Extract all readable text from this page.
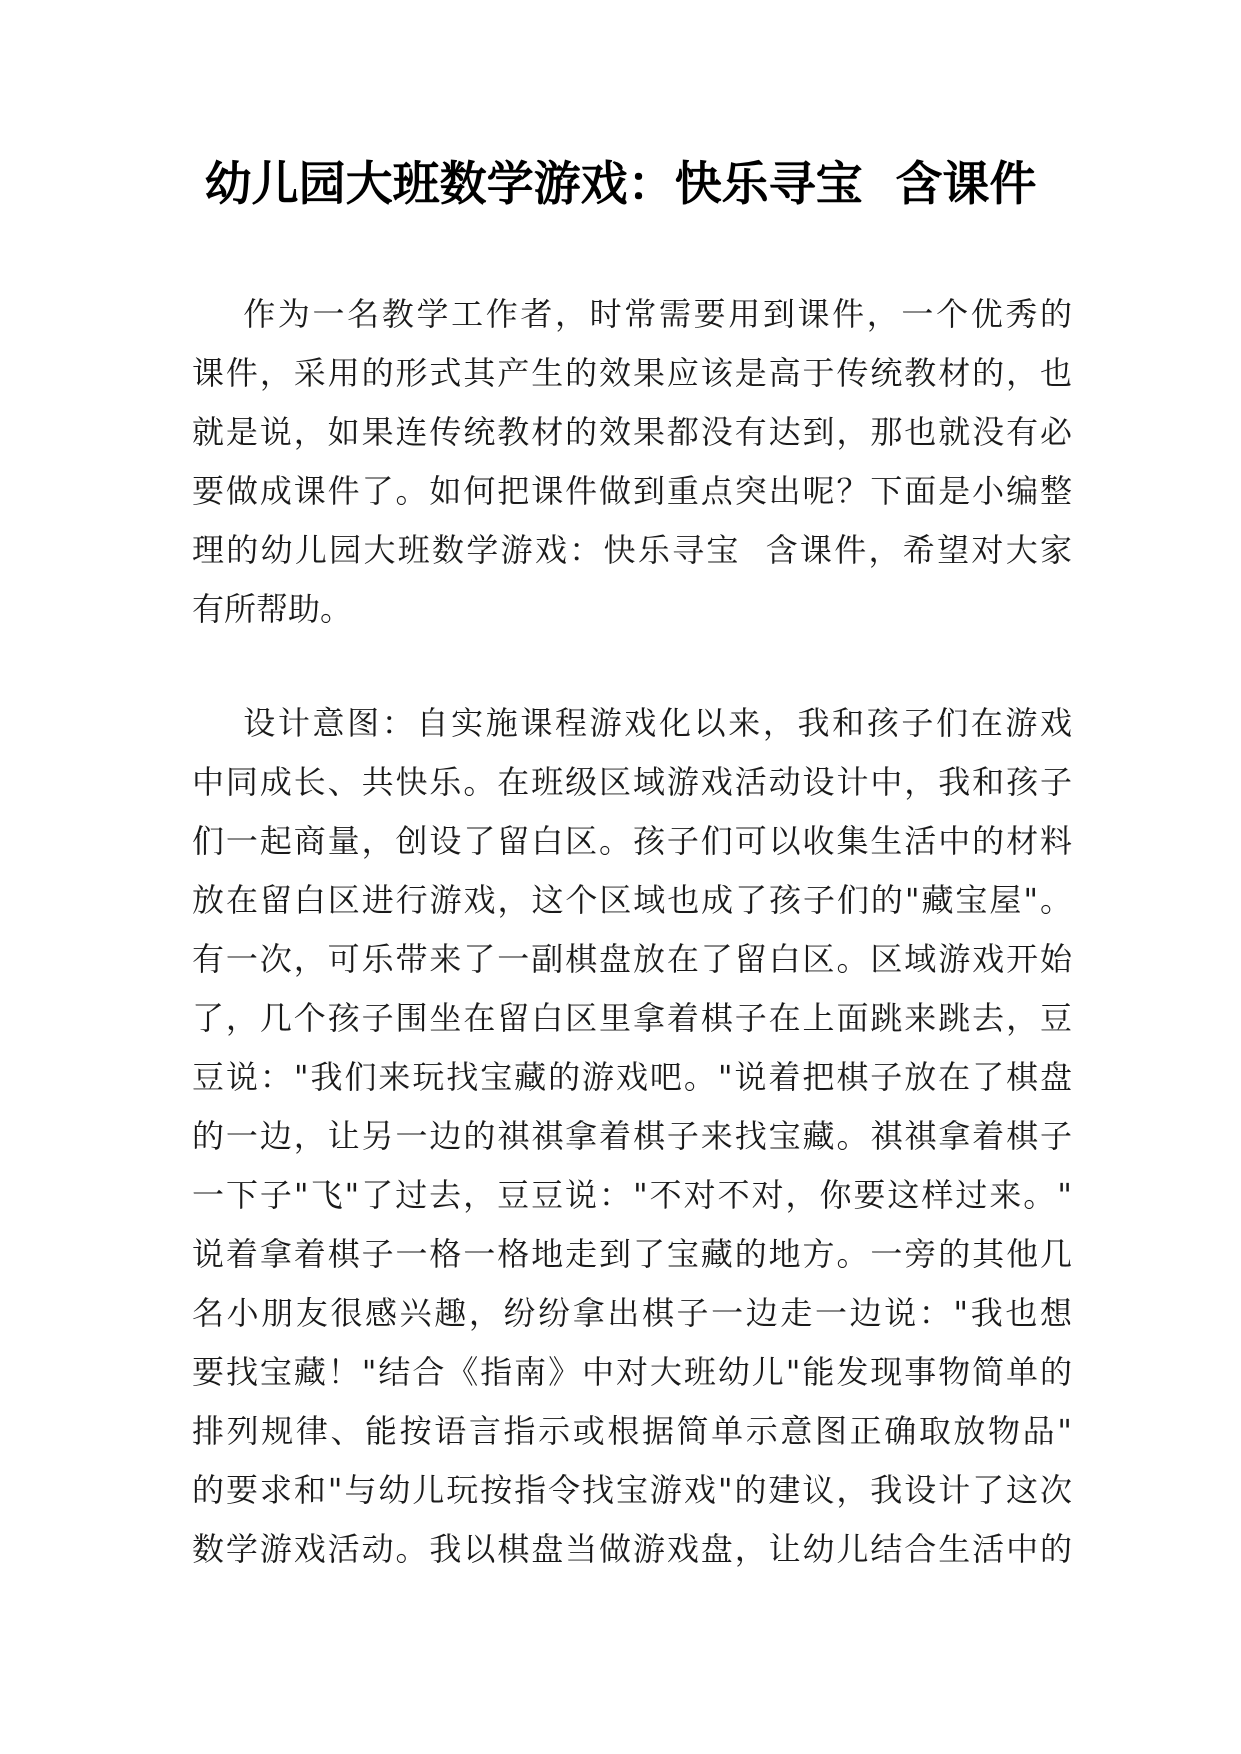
幼儿园大班数学游戏：快乐寻宝  含课件
作为一名教学工作者，时常需要用到课件，一个优秀的
课件，采用的形式其产生的效果应该是高于传统教材的，也
就是说，如果连传统教材的效果都没有达到，那也就没有必
要做成课件了。如何把课件做到重点突出呢？下面是小编整
理的幼儿园大班数学游戏：快乐寻宝  含课件，希望对大家
有所帮助。
设计意图：自实施课程游戏化以来，我和孩子们在游戏
中同成长、共快乐。在班级区域游戏活动设计中，我和孩子
们一起商量，创设了留白区。孩子们可以收集生活中的材料
放在留白区进行游戏，这个区域也成了孩子们的"藏宝屋"。
有一次，可乐带来了一副棋盘放在了留白区。区域游戏开始
了，几个孩子围坐在留白区里拿着棋子在上面跳来跳去，豆
豆说："我们来玩找宝藏的游戏吧。"说着把棋子放在了棋盘
的一边，让另一边的祺祺拿着棋子来找宝藏。祺祺拿着棋子
一下子"飞"了过去，豆豆说："不对不对，你要这样过来。"
说着拿着棋子一格一格地走到了宝藏的地方。一旁的其他几
名小朋友很感兴趣，纷纷拿出棋子一边走一边说："我也想
要找宝藏！"结合《指南》中对大班幼儿"能发现事物简单的
排列规律、能按语言指示或根据简单示意图正确取放物品"
的要求和"与幼儿玩按指令找宝游戏"的建议，我设计了这次
数学游戏活动。我以棋盘当做游戏盘，让幼儿结合生活中的
